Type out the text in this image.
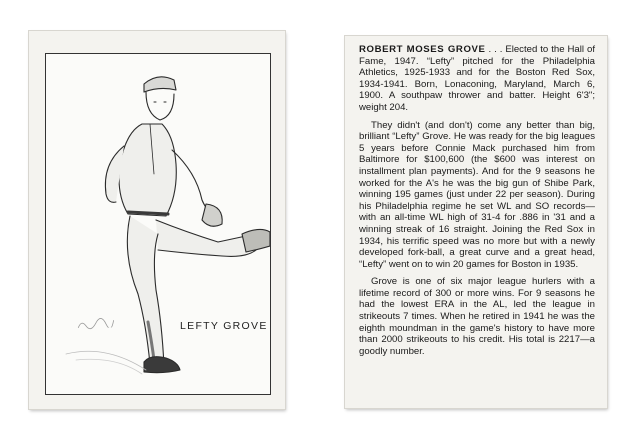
LEFTY GROVE

ROBERT MOSES GROVE . . . Elected to the Hall of Fame, 1947. “Lefty” pitched for the Philadelphia Athletics, 1925-1933 and for the Boston Red Sox, 1934-1941. Born, Lonaconing, Maryland, March 6, 1900. A southpaw thrower and batter. Height 6'3"; weight 204.

They didn't (and don't) come any better than big, brilliant “Lefty” Grove. He was ready for the big leagues 5 years before Connie Mack purchased him from Baltimore for $100,600 (the $600 was interest on installment plan payments). And for the 9 seasons he worked for the A's he was the big gun of Shibe Park, winning 195 games (just under 22 per season). During his Philadelphia regime he set WL and SO records—with an all-time WL high of 31-4 for .886 in '31 and a winning streak of 16 straight. Joining the Red Sox in 1934, his terrific speed was no more but with a newly developed fork-ball, a great curve and a great head, “Lefty” went on to win 20 games for Boston in 1935.

Grove is one of six major league hurlers with a lifetime record of 300 or more wins. For 9 seasons he had the lowest ERA in the AL, led the league in strikeouts 7 times. When he retired in 1941 he was the eighth moundman in the game's history to have more than 2000 strikeouts to his credit. His total is 2217—a goodly number.
